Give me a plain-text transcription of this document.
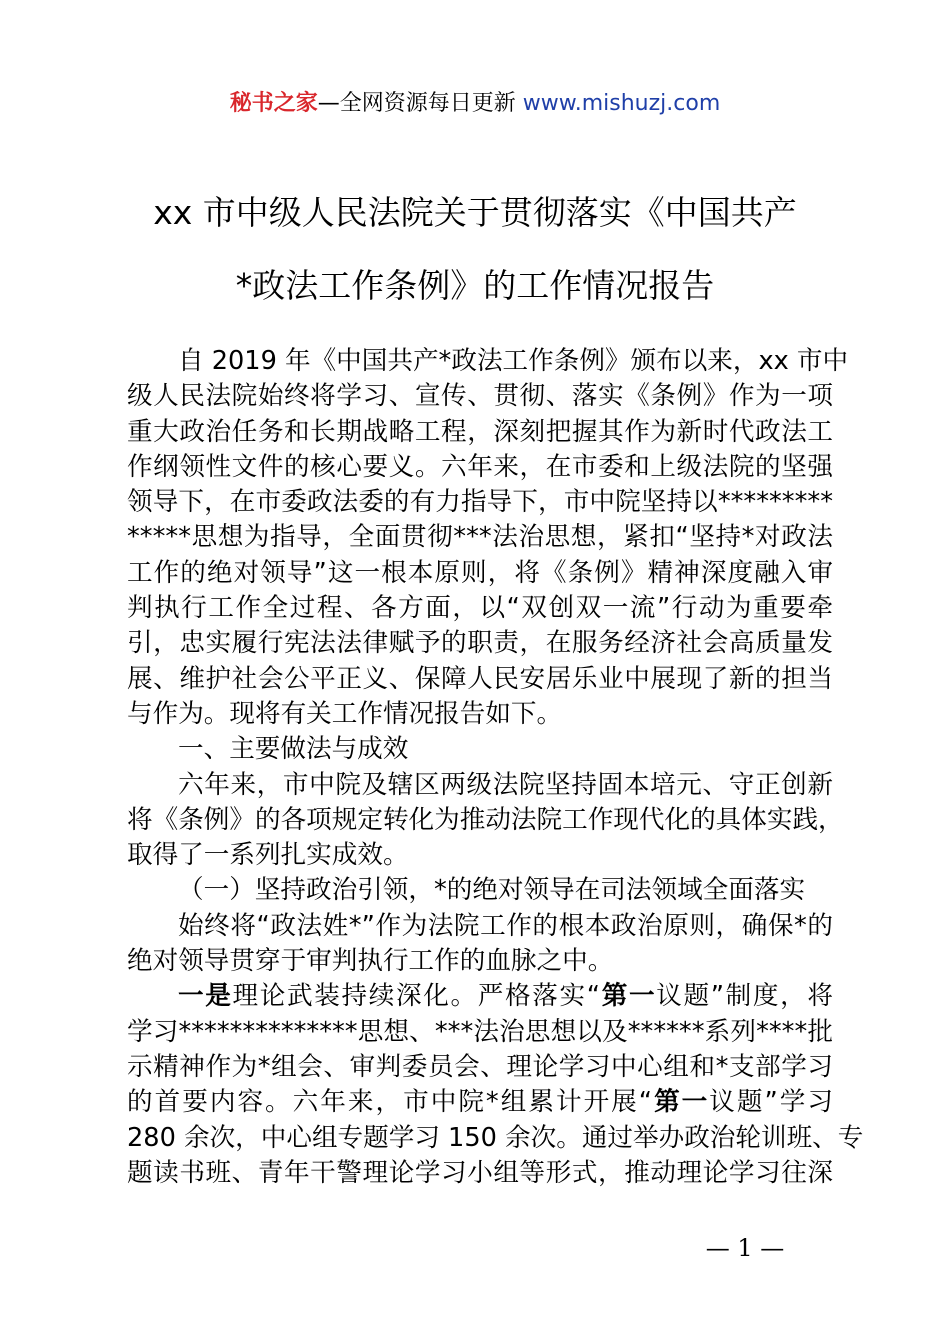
秘书之家—全网资源每日更新 www.mishuzj.com
xx 市中级人民法院关于贯彻落实《中国共产
*政法工作条例》的工作情况报告
自 2019 年《中国共产*政法工作条例》颁布以来，xx 市中
级人民法院始终将学习、宣传、贯彻、落实《条例》作为一项
重大政治任务和长期战略工程，深刻把握其作为新时代政法工
作纲领性文件的核心要义。六年来，在市委和上级法院的坚强
领导下，在市委政法委的有力指导下，市中院坚持以*********
*****思想为指导，全面贯彻***法治思想，紧扣“坚持*对政法
工作的绝对领导”这一根本原则，将《条例》精神深度融入审
判执行工作全过程、各方面，以“双创双一流”行动为重要牵
引，忠实履行宪法法律赋予的职责，在服务经济社会高质量发
展、维护社会公平正义、保障人民安居乐业中展现了新的担当
与作为。现将有关工作情况报告如下。
一、主要做法与成效
六年来，市中院及辖区两级法院坚持固本培元、守正创新
将《条例》的各项规定转化为推动法院工作现代化的具体实践，
取得了一系列扎实成效。
（一）坚持政治引领，*的绝对领导在司法领域全面落实
始终将“政法姓*”作为法院工作的根本政治原则，确保*的
绝对领导贯穿于审判执行工作的血脉之中。
一是理论武装持续深化。严格落实“第一议题”制度，将
学习**************思想、***法治思想以及******系列****批
示精神作为*组会、审判委员会、理论学习中心组和*支部学习
的首要内容。六年来，市中院*组累计开展“第一议题”学习
280 余次，中心组专题学习 150 余次。通过举办政治轮训班、专
题读书班、青年干警理论学习小组等形式，推动理论学习往深
— 1 —
